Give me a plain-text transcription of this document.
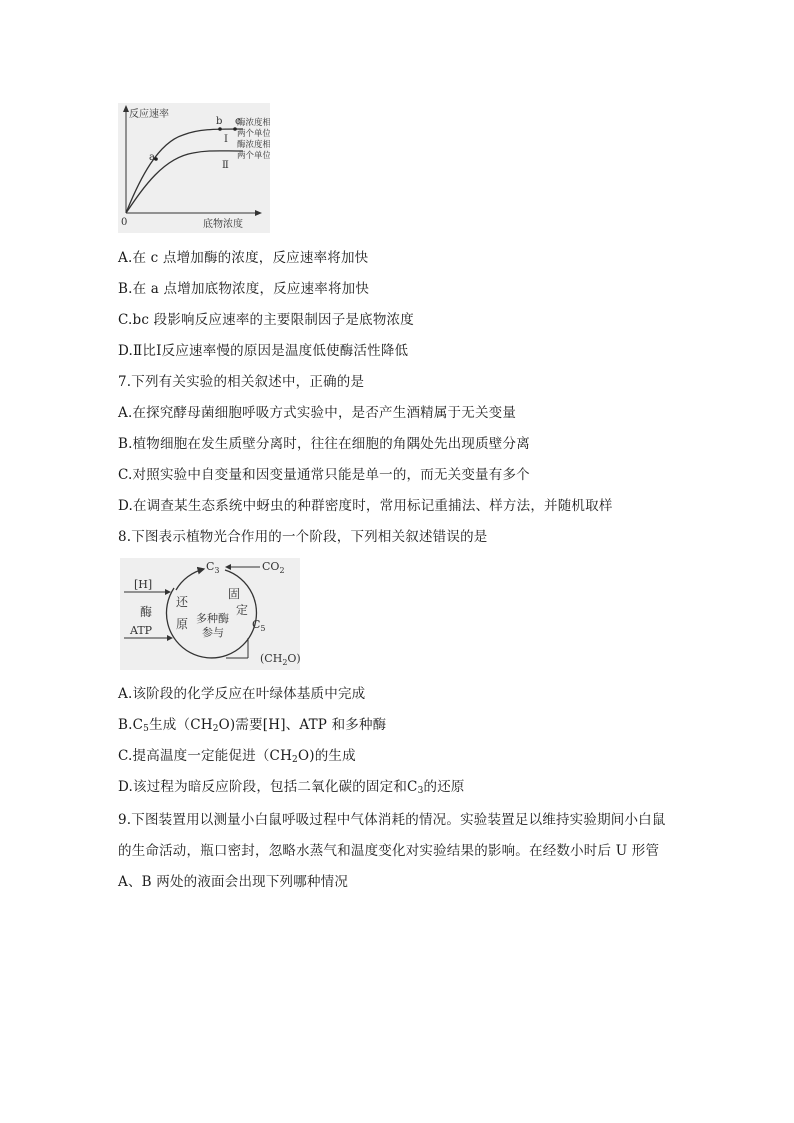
反应速率
底物浓度
0
a
b c
Ⅰ
Ⅱ
酶浓度相
两个单位
酶浓度相
两个单位
A.在 c 点增加酶的浓度，反应速率将加快
B.在 a 点增加底物浓度，反应速率将加快
C.bc 段影响反应速率的主要限制因子是底物浓度
D.Ⅱ比Ⅰ反应速率慢的原因是温度低使酶活性降低
7.下列有关实验的相关叙述中，正确的是
A.在探究酵母菌细胞呼吸方式实验中，是否产生酒精属于无关变量
B.植物细胞在发生质壁分离时，往往在细胞的角隅处先出现质壁分离
C.对照实验中自变量和因变量通常只能是单一的，而无关变量有多个
D.在调查某生态系统中蚜虫的种群密度时，常用标记重捕法、样方法，并随机取样
8.下图表示植物光合作用的一个阶段，下列相关叙述错误的是
$C_3$	$CO_2$
$C_5$
$(CH_2O)$
[H]
酶
ATP
还
原
固
定
多种酶
参与
A.该阶段的化学反应在叶绿体基质中完成
$B.C_5$生成$(CH_2O)$需要[H]、ATP 和多种酶
C.提高温度一定能促进$(CH_2O)$的生成
D.该过程为暗反应阶段，包括二氧化碳的固定和$C_3$的还原
9.下图装置用以测量小白鼠呼吸过程中气体消耗的情况。实验装置足以维持实验期间小白鼠
的生命活动，瓶口密封，忽略水蒸气和温度变化对实验结果的影响。在经数小时后 U 形管
A、B 两处的液面会出现下列哪种情况
